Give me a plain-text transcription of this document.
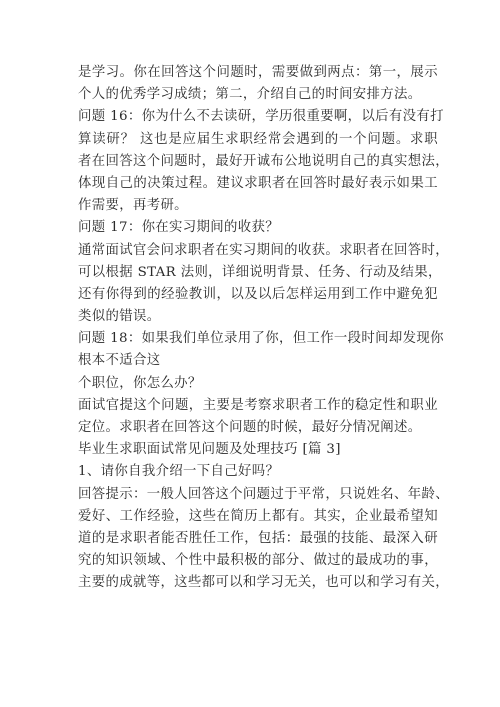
是学习。你在回答这个问题时，需要做到两点：第一，展示
个人的优秀学习成绩；第二，介绍自己的时间安排方法。
问题 16：你为什么不去读研，学历很重要啊，以后有没有打
算读研？ 这也是应届生求职经常会遇到的一个问题。求职
者在回答这个问题时，最好开诚布公地说明自己的真实想法，
体现自己的决策过程。建议求职者在回答时最好表示如果工
作需要，再考研。
问题 17：你在实习期间的收获？
通常面试官会问求职者在实习期间的收获。求职者在回答时，
可以根据 STAR 法则，详细说明背景、任务、行动及结果，
还有你得到的经验教训，以及以后怎样运用到工作中避免犯
类似的错误。
问题 18：如果我们单位录用了你，但工作一段时间却发现你
根本不适合这
个职位，你怎么办？
面试官提这个问题，主要是考察求职者工作的稳定性和职业
定位。求职者在回答这个问题的时候，最好分情况阐述。
毕业生求职面试常见问题及处理技巧 [篇 3]
1、请你自我介绍一下自己好吗？
回答提示：一般人回答这个问题过于平常，只说姓名、年龄、
爱好、工作经验，这些在简历上都有。其实，企业最希望知
道的是求职者能否胜任工作，包括：最强的技能、最深入研
究的知识领域、个性中最积极的部分、做过的最成功的事，
主要的成就等，这些都可以和学习无关，也可以和学习有关，
